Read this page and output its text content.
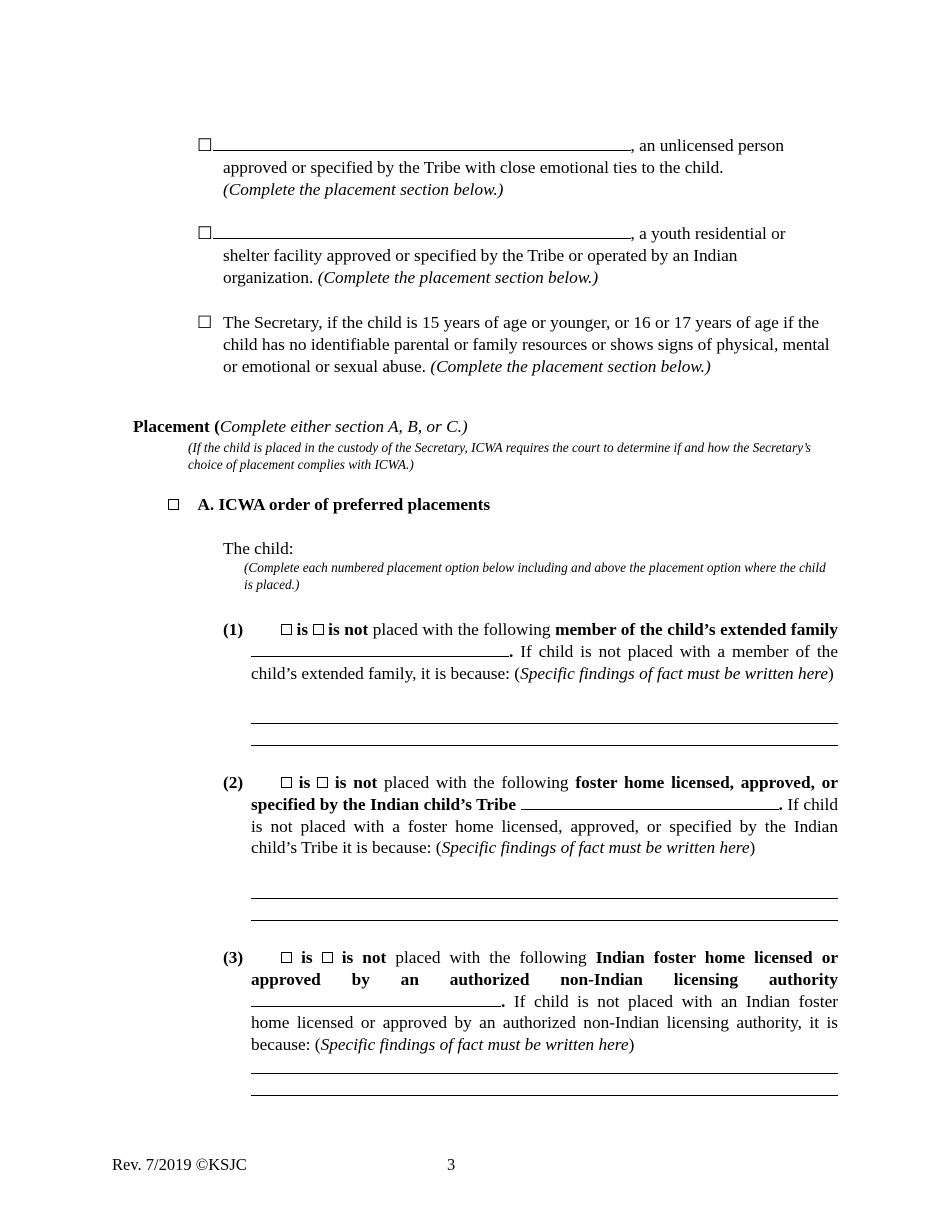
☐	, an unlicensed person
approved or specified by the Tribe with close emotional ties to the child.
(Complete the placement section below.)
☐	, a youth residential or
shelter facility approved or specified by the Tribe or operated by an Indian organization. (Complete the placement section below.)
☐ The Secretary, if the child is 15 years of age or younger, or 16 or 17 years of age if the child has no identifiable parental or family resources or shows signs of physical, mental or emotional or sexual abuse. (Complete the placement section below.)
Placement (Complete either section A, B, or C.)
(If the child is placed in the custody of the Secretary, ICWA requires the court to determine if and how the Secretary’s choice of placement complies with ICWA.)
A. ICWA order of preferred placements
The child:
(Complete each numbered placement option below including and above the placement option where the child is placed.)
(1)	is is not placed with the following member of the child’s extended family . If child is not placed with a member of the child’s extended family, it is because: (Specific findings of fact must be written here)
(2)	is is not placed with the following foster home licensed, approved, or specified by the Indian child’s Tribe	. If child is not placed with a foster home licensed, approved, or specified by the Indian child’s Tribe it is because: (Specific findings of fact must be written here)
(3)	is is not placed with the following Indian foster home licensed or approved by an authorized non-Indian licensing authority . If child is not placed with an Indian foster home licensed or approved by an authorized non-Indian licensing authority, it is because: (Specific findings of fact must be written here)
Rev. 7/2019 ©KSJC	3
